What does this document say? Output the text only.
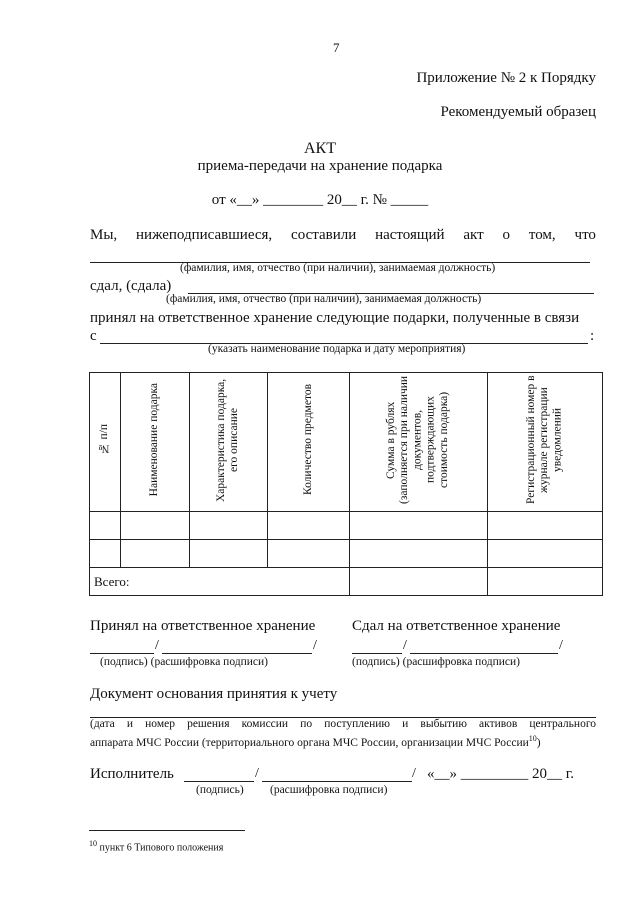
7
Приложение № 2 к Порядку
Рекомендуемый образец
АКТ
приема-передачи на хранение подарка
от «__» ________ 20__ г. № _____
Мы, нижеподписавшиеся, составили настоящий акт о том, что
(фамилия, имя, отчество (при наличии), занимаемая должность)
сдал, (сдала)
(фамилия, имя, отчество (при наличии), занимаемая должность)
принял на ответственное хранение следующие подарки, полученные в связи
с	:
(указать наименование подарка и дату мероприятия)
№ п/п	Наименование подарка	Характеристика подарка, его описание	Количество предметов	Сумма в рублях (заполняется при наличии документов, подтверждающих стоимость подарка)	Регистрационный номер в журнале регистрации уведомлений

Всего:					
Принял на ответственное хранение Сдал на ответственное хранение
/	/
(подпись) (расшифровка подписи)
/	/
(подпись) (расшифровка подписи)
Документ основания принятия к учету
(дата и номер решения комиссии по поступлению и выбытию активов центрального
аппарата МЧС России (территориального органа МЧС России, организации МЧС России$^{10}$)
Исполнитель	/	/ «__» _________ 20__ г.
(подпись) (расшифровка подписи)
$^{10}$ пункт 6 Типового положения
